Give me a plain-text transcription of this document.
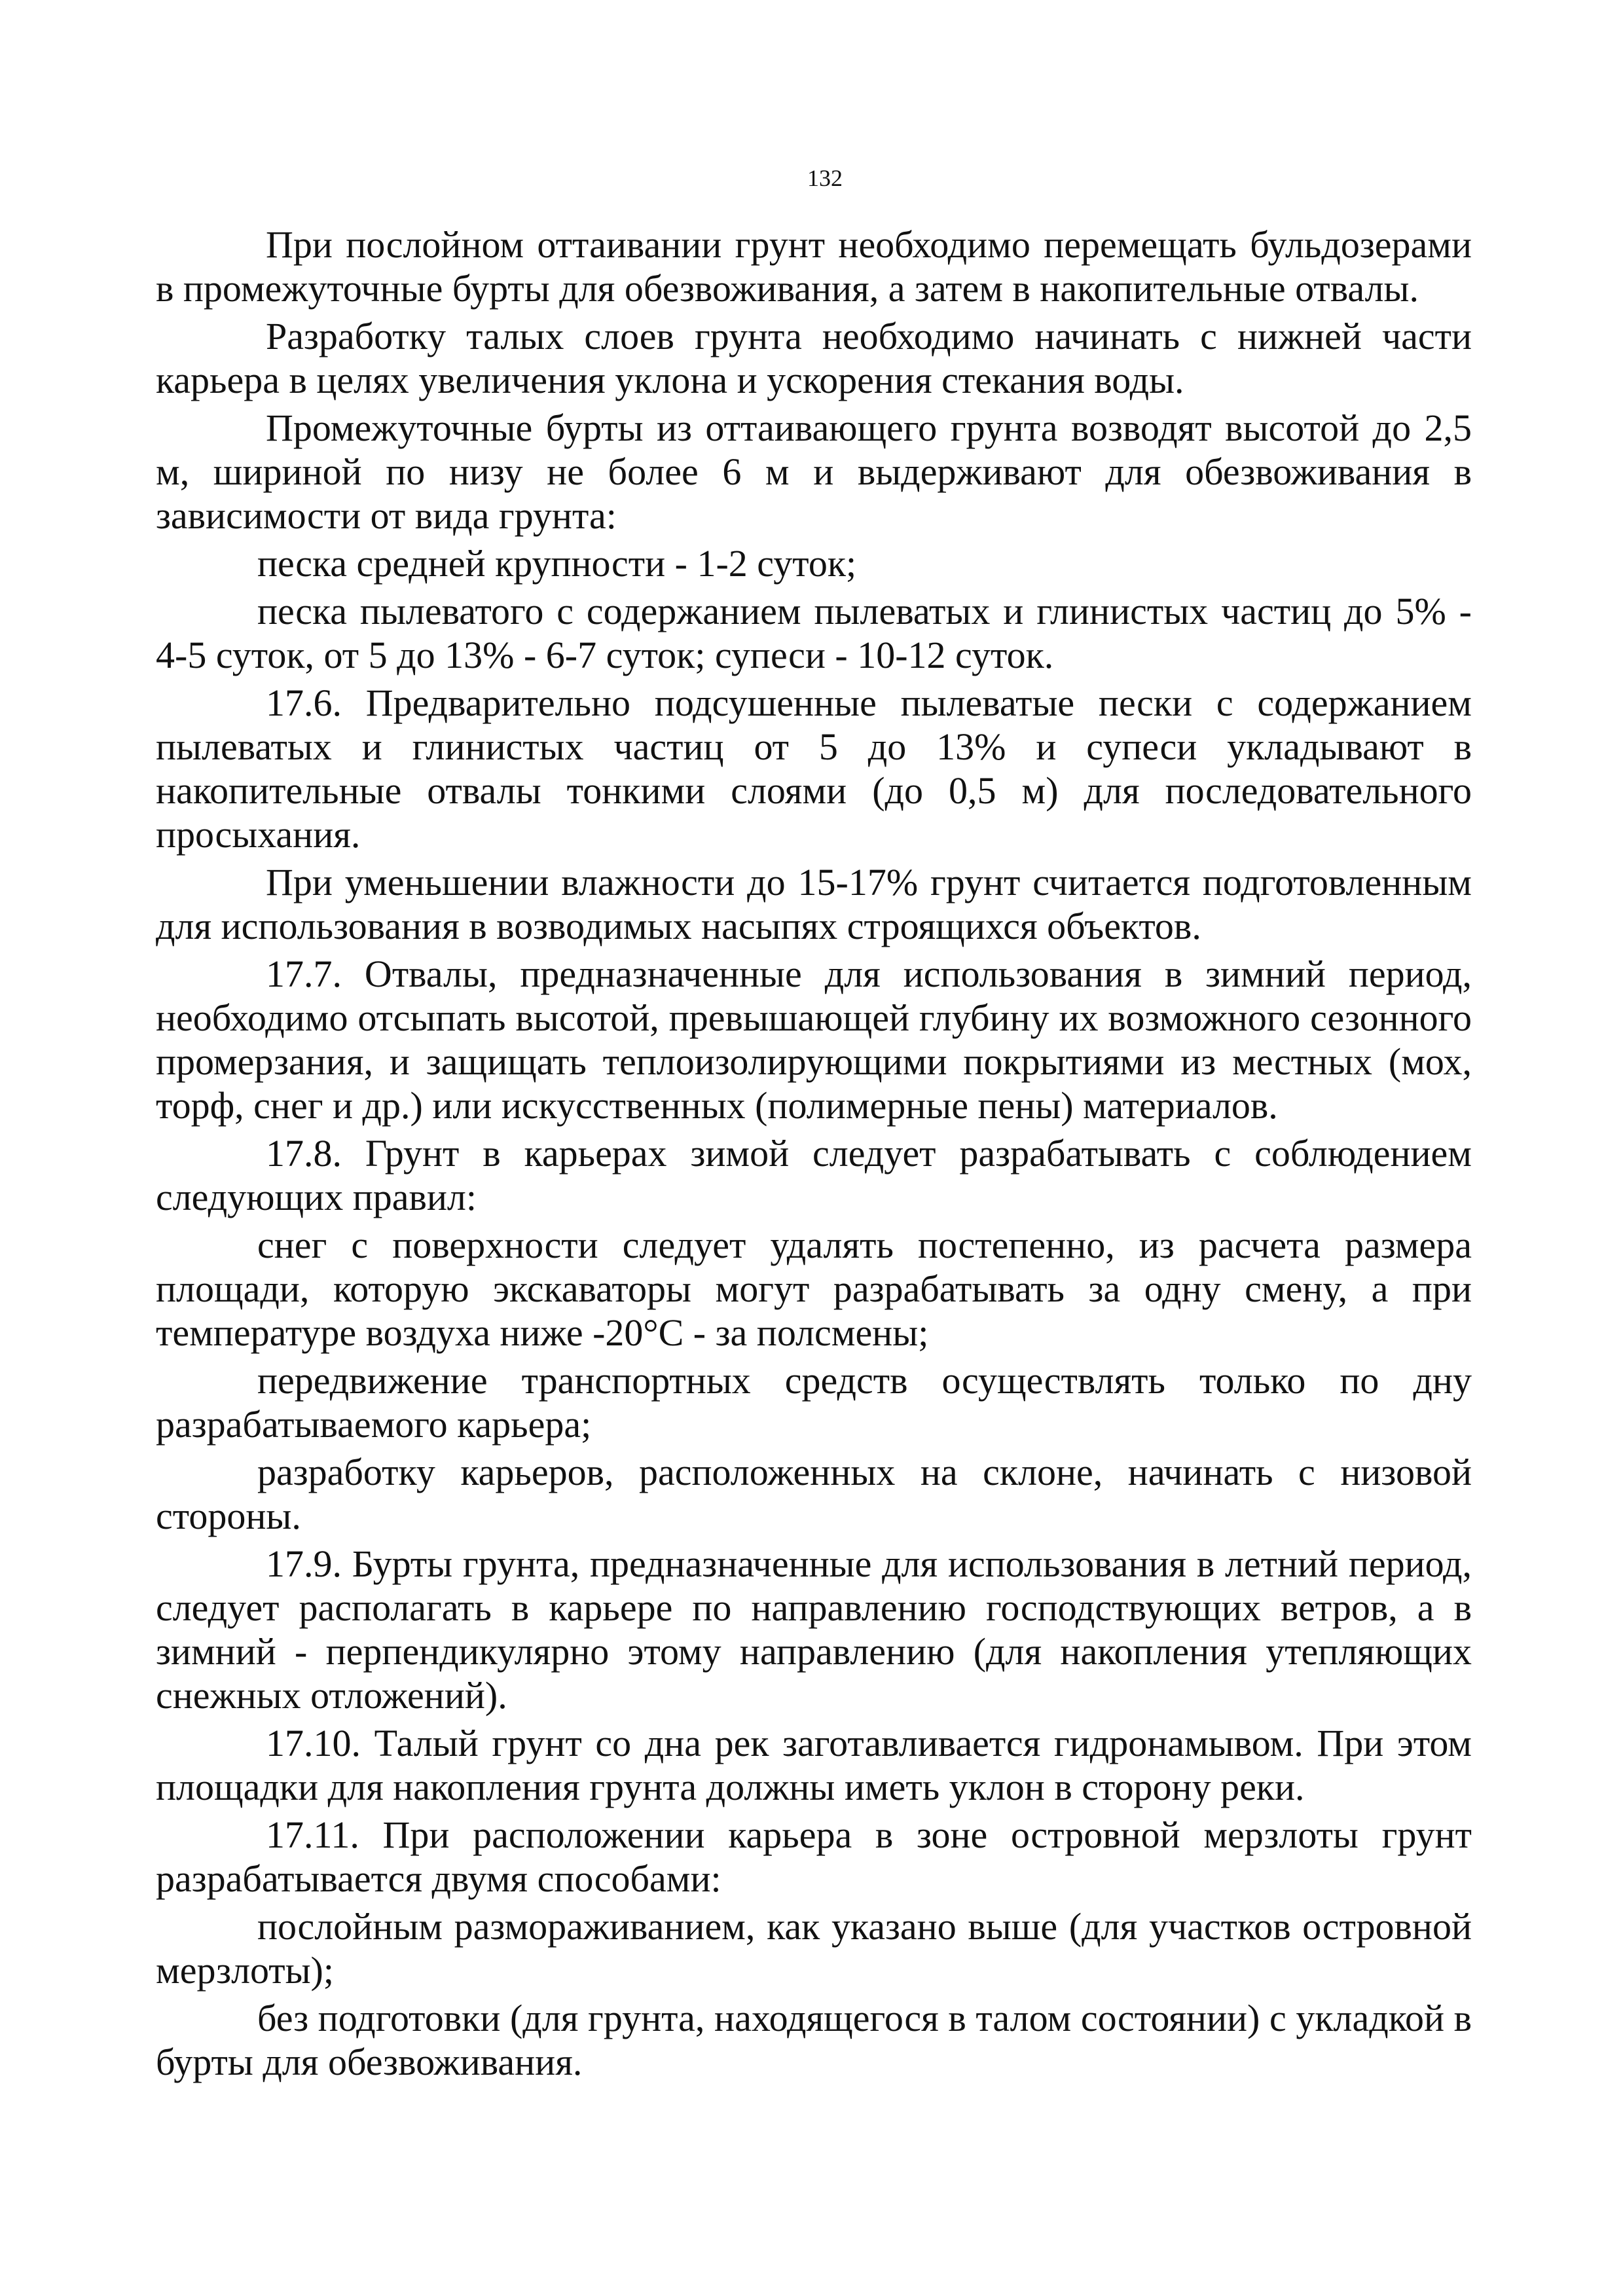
132

При послойном оттаивании грунт необходимо перемещать бульдозерами в промежуточные бурты для обезвоживания, а затем в накопительные отвалы.

Разработку талых слоев грунта необходимо начинать с нижней части карьера в целях увеличения уклона и ускорения стекания воды.

Промежуточные бурты из оттаивающего грунта возводят высотой до 2,5 м, шириной по низу не более 6 м и выдерживают для обезвоживания в зависимости от вида грунта:

песка средней крупности - 1-2 суток;

песка пылеватого с содержанием пылеватых и глинистых частиц до 5% - 4-5 суток, от 5 до 13% - 6-7 суток; супеси - 10-12 суток.

17.6. Предварительно подсушенные пылеватые пески с содержанием пылеватых и глинистых частиц от 5 до 13% и супеси укладывают в накопительные отвалы тонкими слоями (до 0,5 м) для последовательного просыхания.

При уменьшении влажности до 15-17% грунт считается подготовленным для использования в возводимых насыпях строящихся объектов.

17.7. Отвалы, предназначенные для использования в зимний период, необходимо отсыпать высотой, превышающей глубину их возможного сезонного промерзания, и защищать теплоизолирующими покрытиями из местных (мох, торф, снег и др.) или искусственных (полимерные пены) материалов.

17.8. Грунт в карьерах зимой следует разрабатывать с соблюдением следующих правил:

снег с поверхности следует удалять постепенно, из расчета размера площади, которую экскаваторы могут разрабатывать за одну смену, а при температуре воздуха ниже -20°С - за полсмены;

передвижение транспортных средств осуществлять только по дну разрабатываемого карьера;

разработку карьеров, расположенных на склоне, начинать с низовой стороны.

17.9. Бурты грунта, предназначенные для использования в летний период, следует располагать в карьере по направлению господствующих ветров, а в зимний - перпендикулярно этому направлению (для накопления утепляющих снежных отложений).

17.10. Талый грунт со дна рек заготавливается гидронамывом. При этом площадки для накопления грунта должны иметь уклон в сторону реки.

17.11. При расположении карьера в зоне островной мерзлоты грунт разрабатывается двумя способами:

послойным размораживанием, как указано выше (для участков островной мерзлоты);

без подготовки (для грунта, находящегося в талом состоянии) с укладкой в бурты для обезвоживания.
